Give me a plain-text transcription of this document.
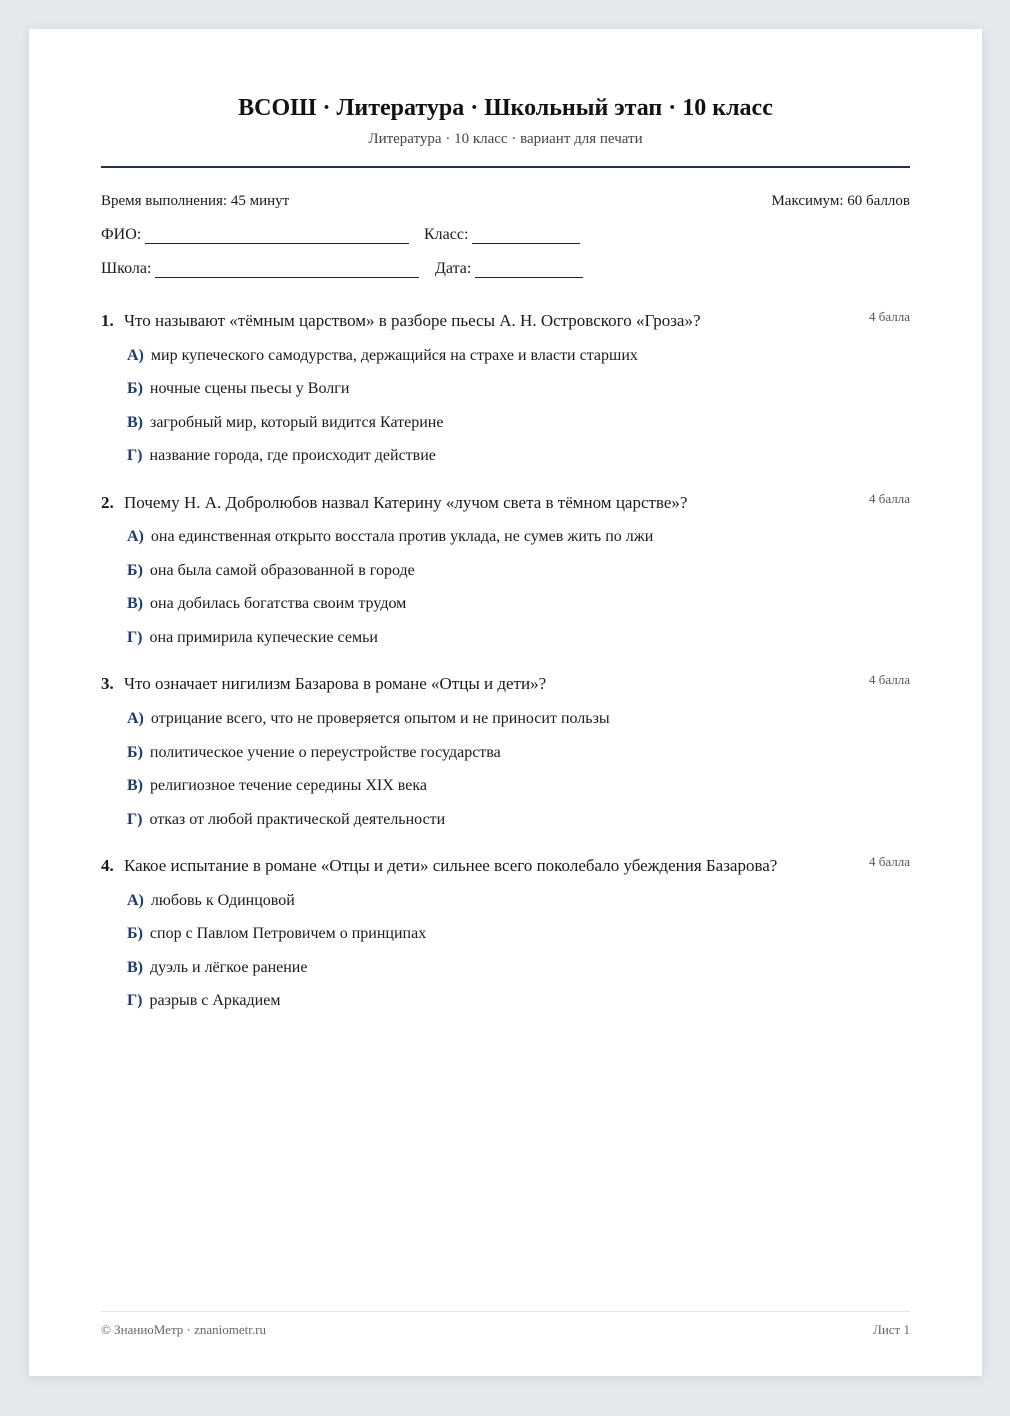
ВСОШ · Литература · Школьный этап · 10 класс
Литература · 10 класс · вариант для печати
Время выполнения: 45 минут	Максимум: 60 баллов
ФИО:	Класс:
Школа:	Дата:
1. Что называют «тёмным царством» в разборе пьесы А. Н. Островского «Гроза»?	4 балла
А) мир купеческого самодурства, держащийся на страхе и власти старших
Б) ночные сцены пьесы у Волги
В) загробный мир, который видится Катерине
Г) название города, где происходит действие
2. Почему Н. А. Добролюбов назвал Катерину «лучом света в тёмном царстве»?	4 балла
А) она единственная открыто восстала против уклада, не сумев жить по лжи
Б) она была самой образованной в городе
В) она добилась богатства своим трудом
Г) она примирила купеческие семьи
3. Что означает нигилизм Базарова в романе «Отцы и дети»?	4 балла
А) отрицание всего, что не проверяется опытом и не приносит пользы
Б) политическое учение о переустройстве государства
В) религиозное течение середины XIX века
Г) отказ от любой практической деятельности
4. Какое испытание в романе «Отцы и дети» сильнее всего поколебало убеждения Базарова?	4 балла
А) любовь к Одинцовой
Б) спор с Павлом Петровичем о принципах
В) дуэль и лёгкое ранение
Г) разрыв с Аркадием
© ЗнаниоМетр · znaniometr.ru	Лист 1
